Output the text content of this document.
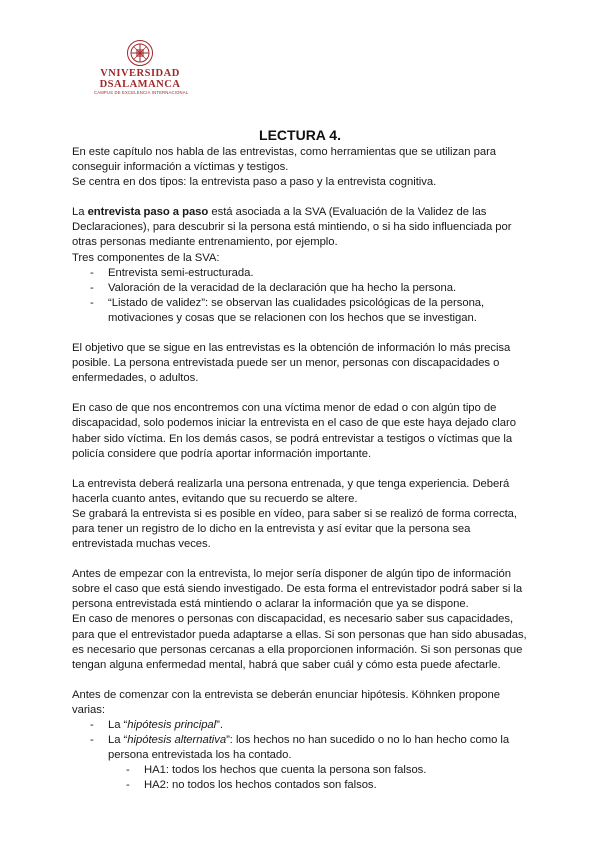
VNIVERSIDAD
DSALAMANCA
CAMPUS DE EXCELENCIA INTERNACIONAL
LECTURA 4.

En este capítulo nos habla de las entrevistas, como herramientas que se utilizan para conseguir información a víctimas y testigos.

Se centra en dos tipos: la entrevista paso a paso y la entrevista cognitiva.

La entrevista paso a paso está asociada a la SVA (Evaluación de la Validez de las Declaraciones), para descubrir si la persona está mintiendo, o si ha sido influenciada por otras personas mediante entrenamiento, por ejemplo.

Tres componentes de la SVA:

- Entrevista semi-estructurada.
- Valoración de la veracidad de la declaración que ha hecho la persona.
- “Listado de validez”: se observan las cualidades psicológicas de la persona, motivaciones y cosas que se relacionen con los hechos que se investigan.

El objetivo que se sigue en las entrevistas es la obtención de información lo más precisa posible. La persona entrevistada puede ser un menor, personas con discapacidades o enfermedades, o adultos.

En caso de que nos encontremos con una víctima menor de edad o con algún tipo de discapacidad, solo podemos iniciar la entrevista en el caso de que este haya dejado claro haber sido víctima. En los demás casos, se podrá entrevistar a testigos o víctimas que la policía considere que podría aportar información importante.

La entrevista deberá realizarla una persona entrenada, y que tenga experiencia. Deberá hacerla cuanto antes, evitando que su recuerdo se altere.

Se grabará la entrevista si es posible en vídeo, para saber si se realizó de forma correcta, para tener un registro de lo dicho en la entrevista y así evitar que la persona sea entrevistada muchas veces.

Antes de empezar con la entrevista, lo mejor sería disponer de algún tipo de información sobre el caso que está siendo investigado. De esta forma el entrevistador podrá saber si la persona entrevistada está mintiendo o aclarar la información que ya se dispone.

En caso de menores o personas con discapacidad, es necesario saber sus capacidades, para que el entrevistador pueda adaptarse a ellas. Si son personas que han sido abusadas, es necesario que personas cercanas a ella proporcionen información. Si son personas que tengan alguna enfermedad mental, habrá que saber cuál y cómo esta puede afectarle.

Antes de comenzar con la entrevista se deberán enunciar hipótesis. Köhnken propone varias:

- La “hipótesis principal”.
- La “hipótesis alternativa”: los hechos no han sucedido o no lo han hecho como la persona entrevistada los ha contado.
- HA1: todos los hechos que cuenta la persona son falsos.
- HA2: no todos los hechos contados son falsos.
